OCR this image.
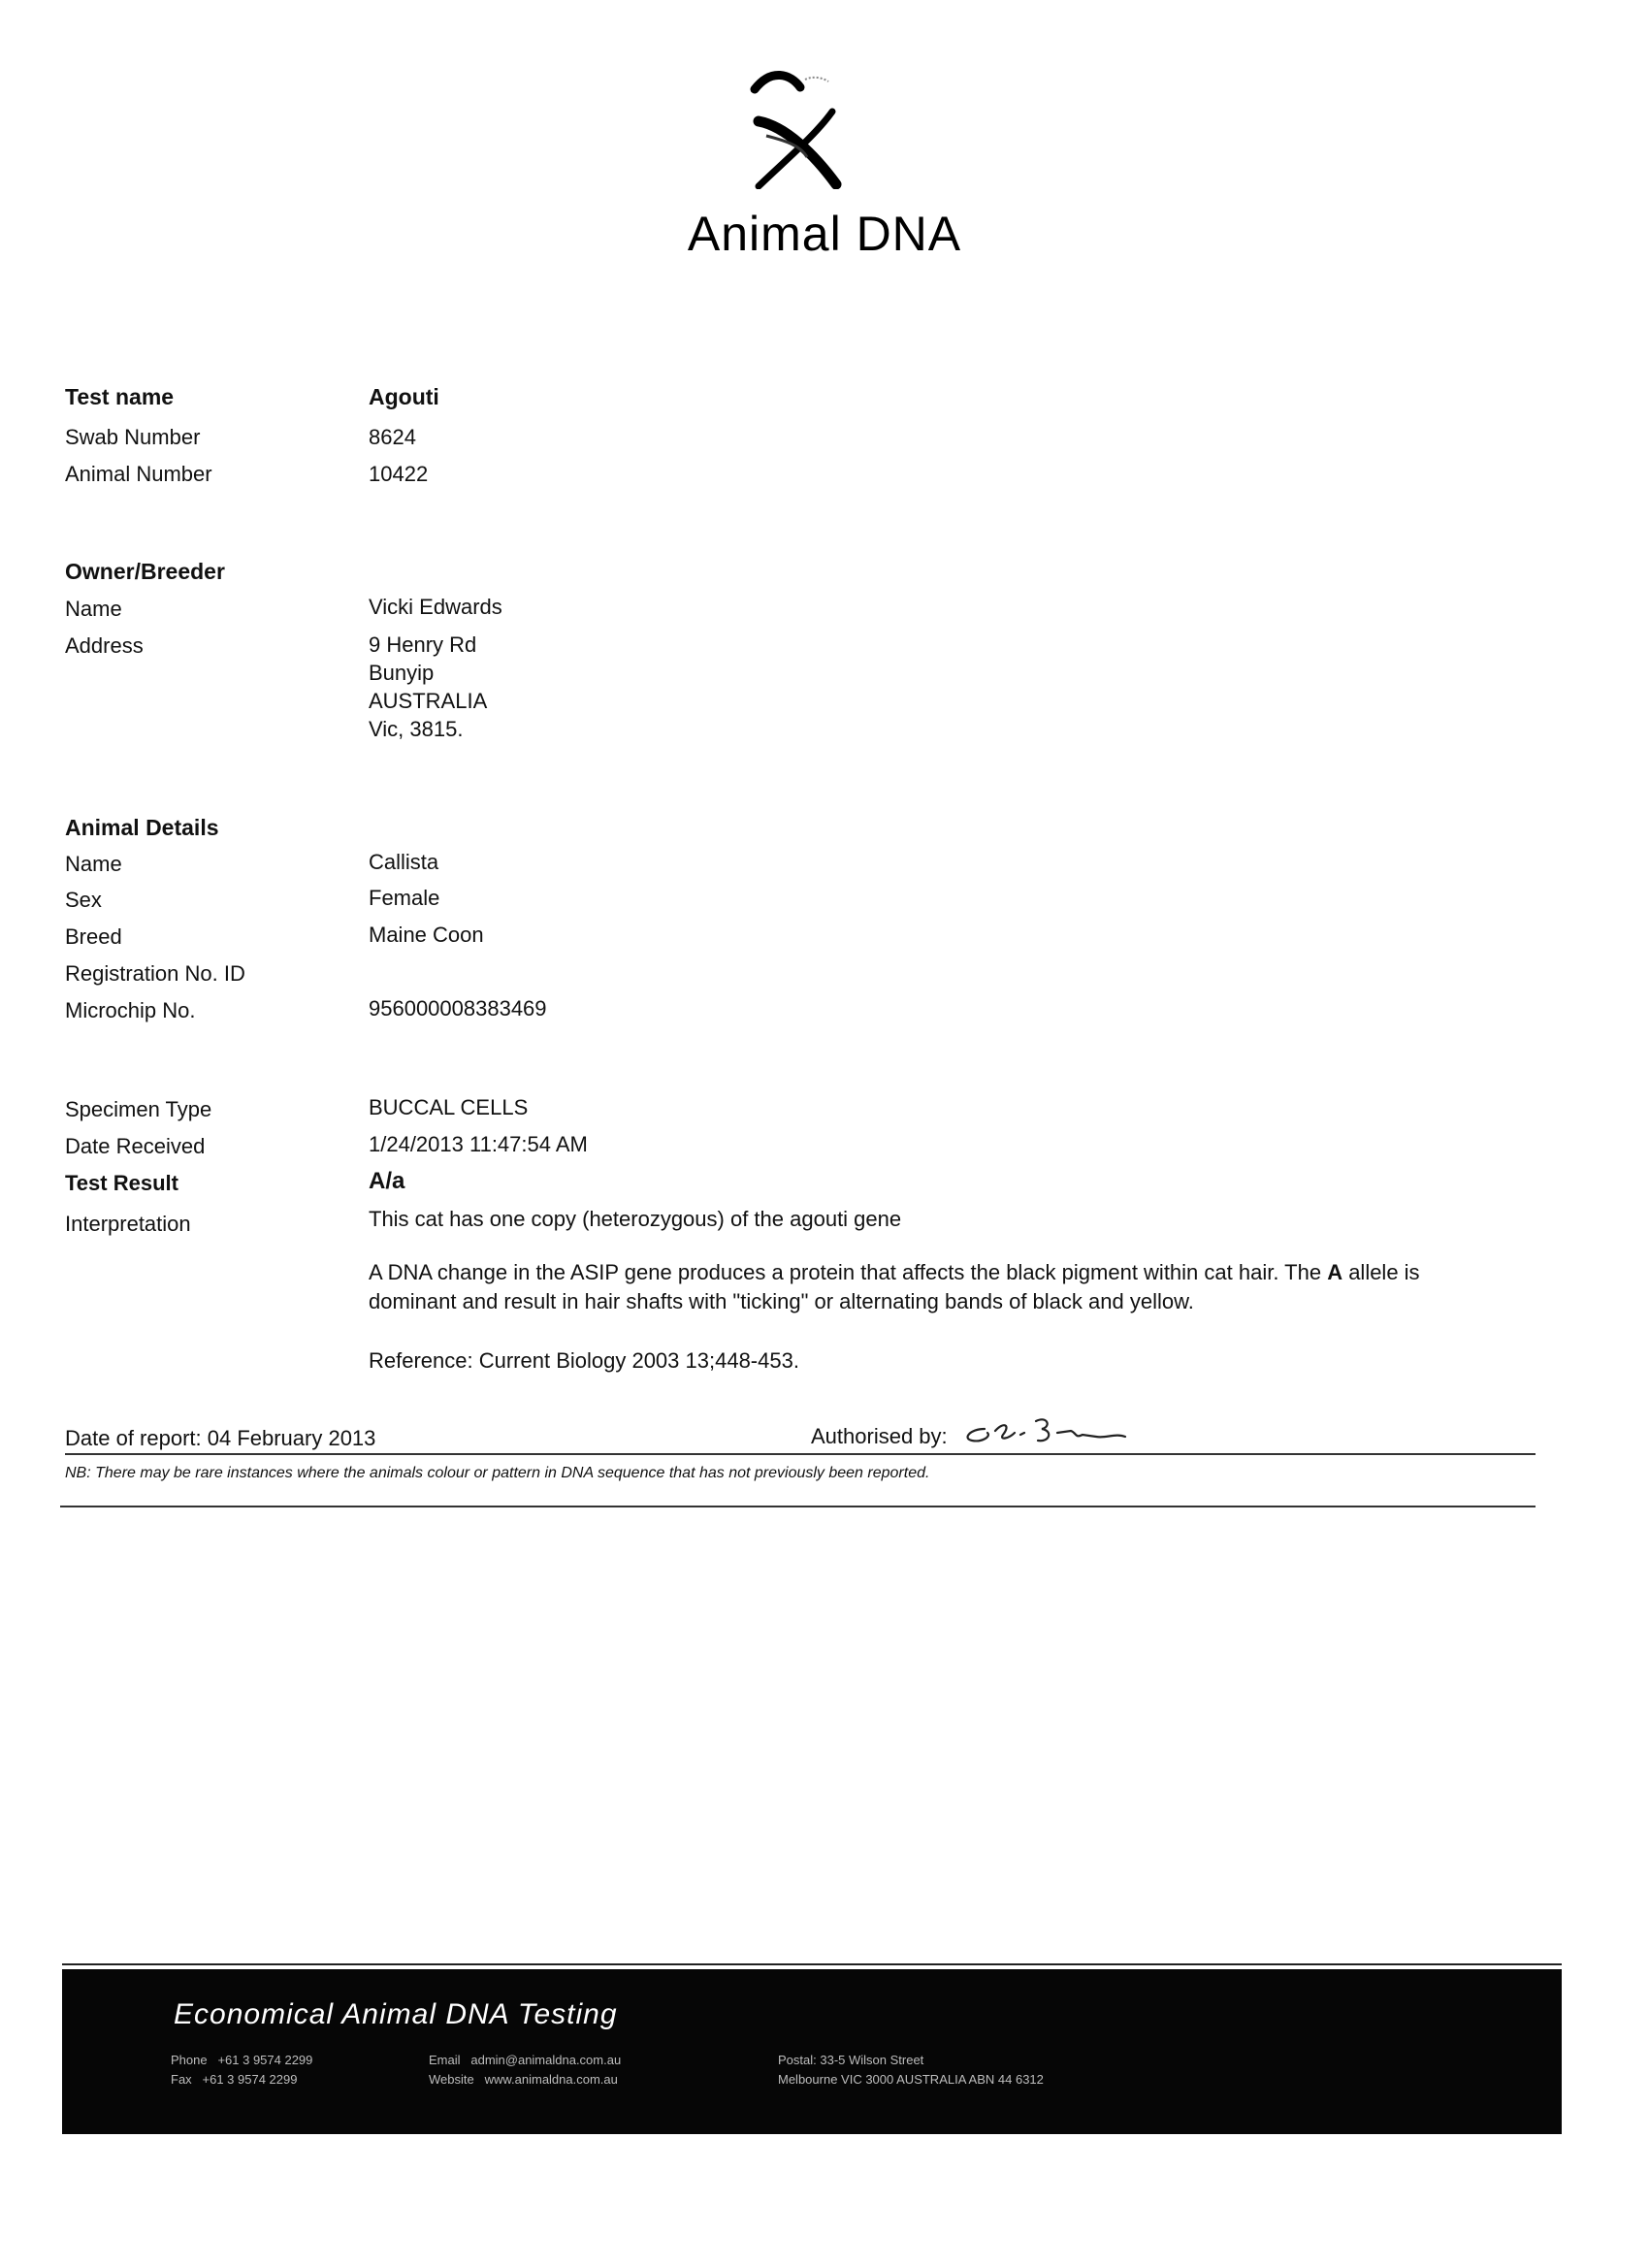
Animal DNA
Test name	Agouti
Swab Number	8624
Animal Number	10422
Owner/Breeder
Name	Vicki Edwards
Address	9 Henry Rd
Bunyip
AUSTRALIA
Vic, 3815.
Animal Details
Name	Callista
Sex	Female
Breed	Maine Coon
Registration No. ID
Microchip No.	956000008383469
Specimen Type	BUCCAL CELLS
Date Received	1/24/2013 11:47:54 AM
Test Result	A/a
Interpretation	This cat has one copy (heterozygous) of the agouti gene
A DNA change in the ASIP gene produces a protein that affects the black pigment within cat hair. The A allele is dominant and result in hair shafts with "ticking" or alternating bands of black and yellow.
Reference: Current Biology 2003 13;448-453.
Date of report: 04 February 2013	Authorised by:
NB: There may be rare instances where the animals colour or pattern in DNA sequence that has not previously been reported.
Economical Animal DNA Testing
Phone +61 3 9574 2299
Fax +61 3 9574 2299
Email admin@animaldna.com.au
Website www.animaldna.com.au
Postal: 33-5 Wilson Street
Melbourne VIC 3000 AUSTRALIA ABN 44 6312
